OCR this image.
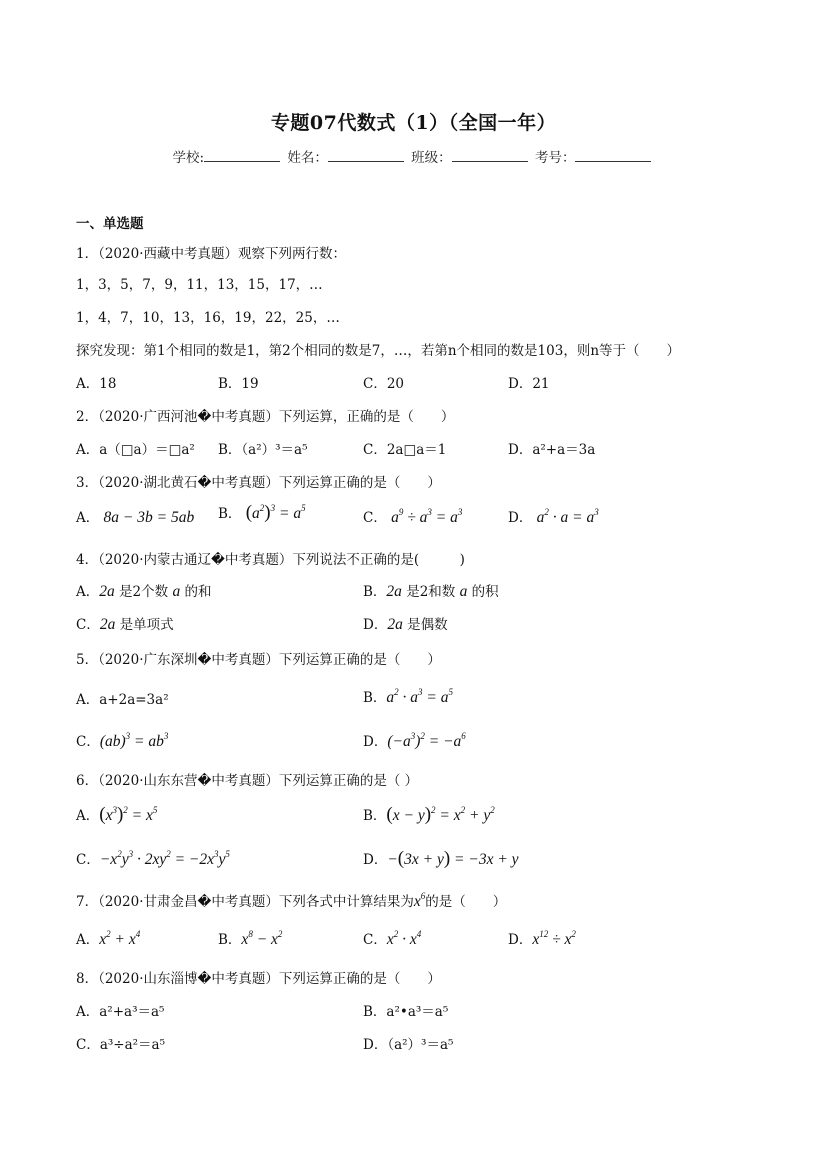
专题07代数式（1）（全国一年）
学校:	姓名：	班级：	考号：
一、单选题
1．（2020·西藏中考真题）观察下列两行数：
1，3，5，7，9，11，13，15，17，…
1，4，7，10，13，16，19，22，25，…
探究发现：第1个相同的数是1，第2个相同的数是7，…，若第n个相同的数是103，则n等于（　　）
A．18	B．19	C．20	D．21
2．（2020·广西河池�中考真题）下列运算，正确的是（　　）
A．a（□a）＝□a² B．（a²）³＝a⁵	C．2a□a＝1	D．a²+a＝3a
3．（2020·湖北黄石�中考真题）下列运算正确的是（　　）
A． 8a − 3b = 5ab B． $(a^2)^3 = a^5$
C． $a^9 \div a^3 = a^3$	D． $a^2 \cdot a = a^3$
4．（2020·内蒙古通辽�中考真题）下列说法不正确的是(　　　)
A．2a 是2个数 a 的和	B．2a 是2和数 a 的积
C．2a 是单项式	D．2a 是偶数
5．（2020·广东深圳�中考真题）下列运算正确的是（　　）
A．a+2a=3a²	B．$a^2 \cdot a^3 = a^5$
C．$(ab)^3 = ab^3$	D．$(-a^3)^2 = -a^6$
6．（2020·山东东营�中考真题）下列运算正确的是（ ）
A．$(x^3)^2 = x^5$	B．$(x - y)^2 = x^2 + y^2$
C．$-x^2y^3 \cdot 2xy^2 = -2x^3y^5$	D．−(3x + y) = −3x + y
7．（2020·甘肃金昌�中考真题）下列各式中计算结果为$x^6$的是（　　）
A．$x^2 + x^4$	B．$x^8 - x^2$	C．$x^2 \cdot x^4$	D．$x^{12} \div x^2$
8．（2020·山东淄博�中考真题）下列运算正确的是（　　）
A．a²+a³＝a⁵	B．a²•a³＝a⁵
C．a³÷a²＝a⁵	D．（a²）³＝a⁵
